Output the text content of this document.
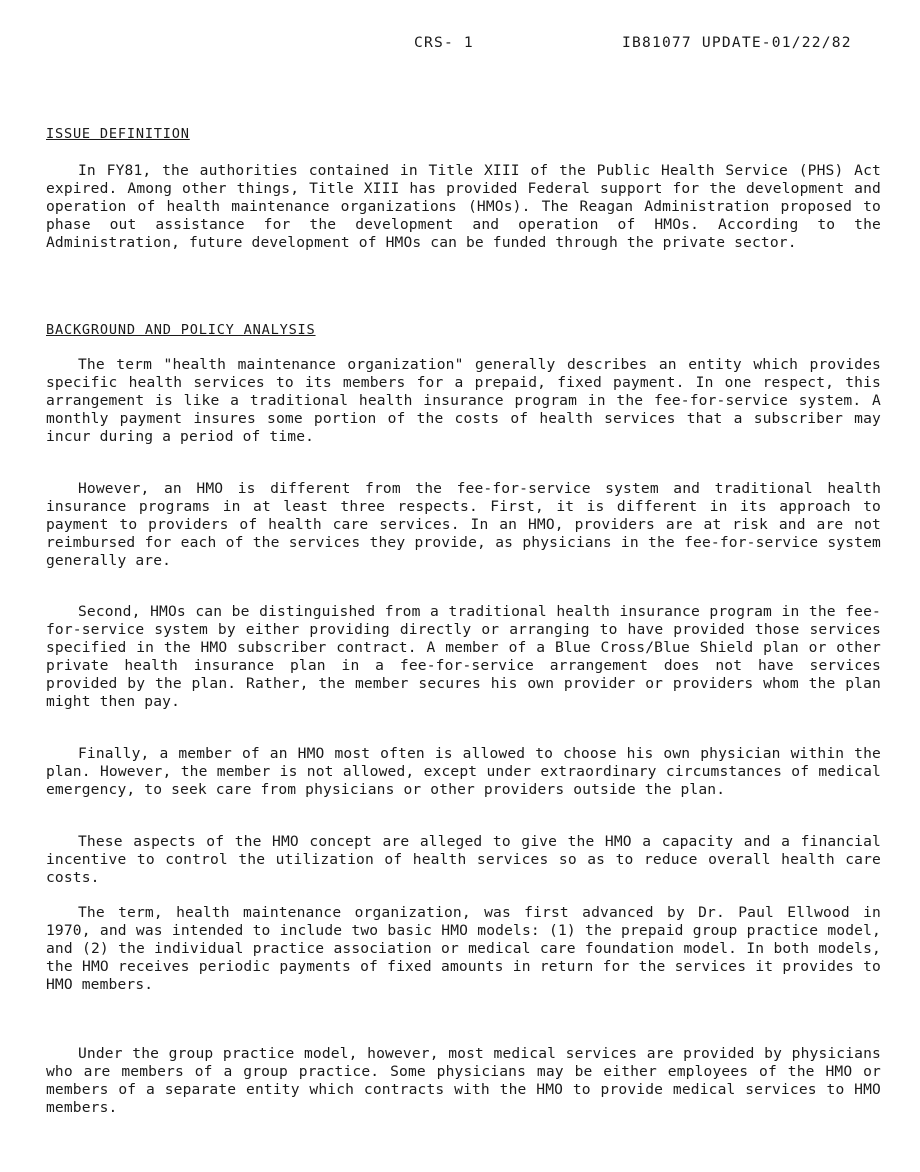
CRS- 1	IB81077 UPDATE-01/22/82
ISSUE DEFINITION

In FY81, the authorities contained in Title XIII of the Public Health Service (PHS) Act expired. Among other things, Title XIII has provided Federal support for the development and operation of health maintenance organizations (HMOs). The Reagan Administration proposed to phase out assistance for the development and operation of HMOs. According to the Administration, future development of HMOs can be funded through the private sector.

BACKGROUND AND POLICY ANALYSIS

The term "health maintenance organization" generally describes an entity which provides specific health services to its members for a prepaid, fixed payment. In one respect, this arrangement is like a traditional health insurance program in the fee-for-service system. A monthly payment insures some portion of the costs of health services that a subscriber may incur during a period of time.

However, an HMO is different from the fee-for-service system and traditional health insurance programs in at least three respects. First, it is different in its approach to payment to providers of health care services. In an HMO, providers are at risk and are not reimbursed for each of the services they provide, as physicians in the fee-for-service system generally are.

Second, HMOs can be distinguished from a traditional health insurance program in the fee-for-service system by either providing directly or arranging to have provided those services specified in the HMO subscriber contract. A member of a Blue Cross/Blue Shield plan or other private health insurance plan in a fee-for-service arrangement does not have services provided by the plan. Rather, the member secures his own provider or providers whom the plan might then pay.

Finally, a member of an HMO most often is allowed to choose his own physician within the plan. However, the member is not allowed, except under extraordinary circumstances of medical emergency, to seek care from physicians or other providers outside the plan.

These aspects of the HMO concept are alleged to give the HMO a capacity and a financial incentive to control the utilization of health services so as to reduce overall health care costs.

The term, health maintenance organization, was first advanced by Dr. Paul Ellwood in 1970, and was intended to include two basic HMO models: (1) the prepaid group practice model, and (2) the individual practice association or medical care foundation model. In both models, the HMO receives periodic payments of fixed amounts in return for the services it provides to HMO members.

Under the group practice model, however, most medical services are provided by physicians who are members of a group practice. Some physicians may be either employees of the HMO or members of a separate entity which contracts with the HMO to provide medical services to HMO members.
